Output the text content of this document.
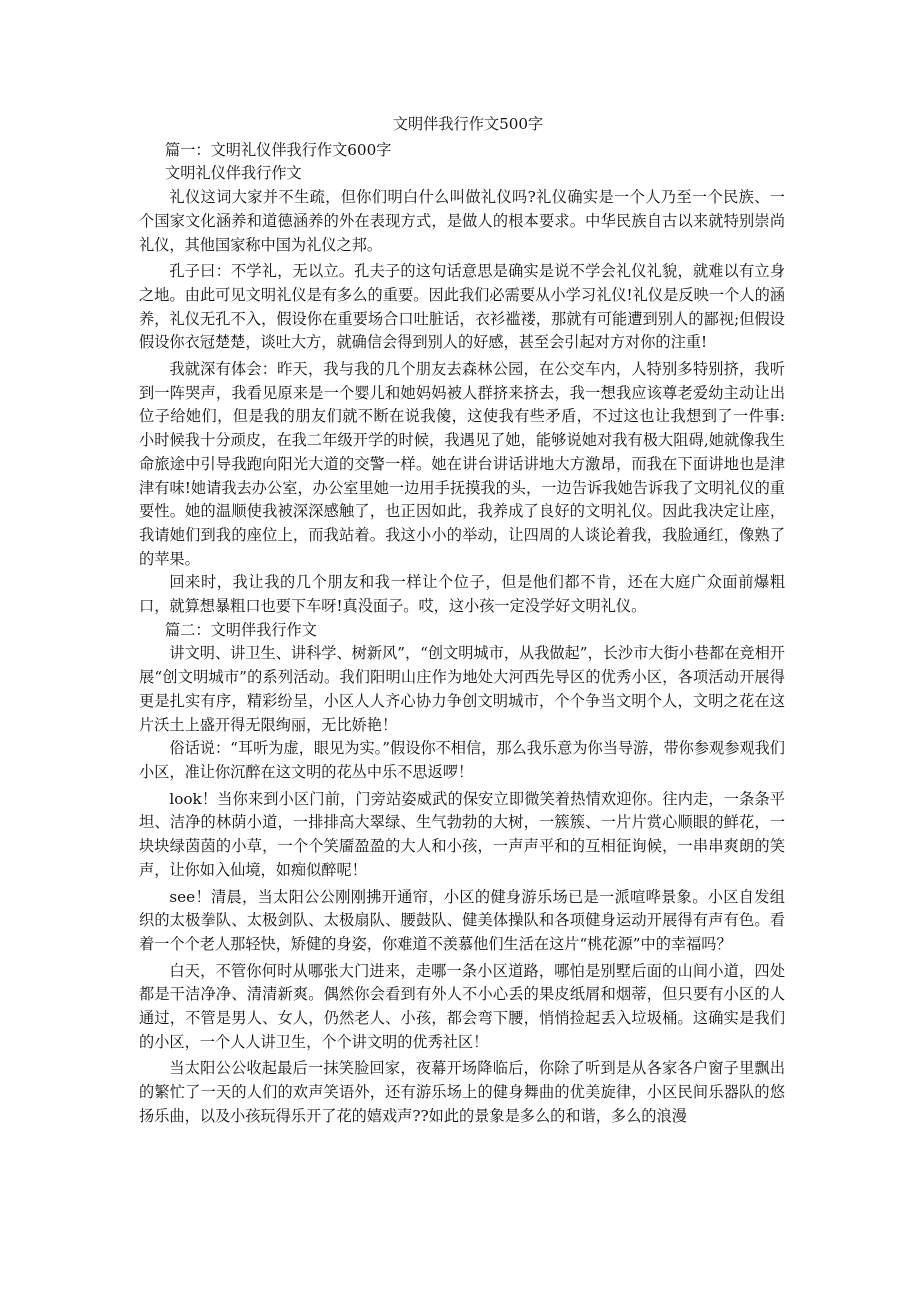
文明伴我行作文500字

篇一：文明礼仪伴我行作文600字

文明礼仪伴我行作文

礼仪这词大家并不生疏，但你们明白什么叫做礼仪吗?礼仪确实是一个人乃至一个民族、一个国家文化涵养和道德涵养的外在表现方式，是做人的根本要求。中华民族自古以来就特别崇尚礼仪，其他国家称中国为礼仪之邦。

孔子曰：不学礼，无以立。孔夫子的这句话意思是确实是说不学会礼仪礼貌，就难以有立身之地。由此可见文明礼仪是有多么的重要。因此我们必需要从小学习礼仪!礼仪是反映一个人的涵养，礼仪无孔不入，假设你在重要场合口吐脏话，衣衫褴褛，那就有可能遭到别人的鄙视;但假设假设你衣冠楚楚，谈吐大方，就确信会得到别人的好感，甚至会引起对方对你的注重!

我就深有体会：昨天，我与我的几个朋友去森林公园，在公交车内，人特别多特别挤，我听到一阵哭声，我看见原来是一个婴儿和她妈妈被人群挤来挤去，我一想我应该尊老爱幼主动让出位子给她们，但是我的朋友们就不断在说我傻，这使我有些矛盾，不过这也让我想到了一件事: 小时候我十分顽皮，在我二年级开学的时候，我遇见了她，能够说她对我有极大阻碍,她就像我生命旅途中引导我跑向阳光大道的交警一样。她在讲台讲话讲地大方激昂，而我在下面讲地也是津津有味!她请我去办公室，办公室里她一边用手抚摸我的头，一边告诉我她告诉我了文明礼仪的重要性。她的温顺使我被深深感触了，也正因如此，我养成了良好的文明礼仪。因此我决定让座，我请她们到我的座位上，而我站着。我这小小的举动，让四周的人谈论着我，我脸通红，像熟了的苹果。

回来时，我让我的几个朋友和我一样让个位子，但是他们都不肯，还在大庭广众面前爆粗口，就算想暴粗口也要下车呀!真没面子。哎，这小孩一定没学好文明礼仪。

篇二：文明伴我行作文

讲文明、讲卫生、讲科学、树新风”，“创文明城市，从我做起”，长沙市大街小巷都在竞相开展“创文明城市”的系列活动。我们阳明山庄作为地处大河西先导区的优秀小区，各项活动开展得更是扎实有序，精彩纷呈，小区人人齐心协力争创文明城市，个个争当文明个人，文明之花在这片沃土上盛开得无限绚丽，无比娇艳！

俗话说：“耳听为虚，眼见为实。”假设你不相信，那么我乐意为你当导游，带你参观参观我们小区，准让你沉醉在这文明的花丛中乐不思返啰！

look！当你来到小区门前，门旁站姿威武的保安立即微笑着热情欢迎你。往内走，一条条平坦、洁净的林荫小道，一排排高大翠绿、生气勃勃的大树，一簇簇、一片片赏心顺眼的鲜花，一块块绿茵茵的小草，一个个笑靥盈盈的大人和小孩，一声声平和的互相征询候，一串串爽朗的笑声，让你如入仙境，如痴似醉呢！

see！清晨，当太阳公公刚刚拂开通帘，小区的健身游乐场已是一派喧哗景象。小区自发组织的太极拳队、太极剑队、太极扇队、腰鼓队、健美体操队和各项健身运动开展得有声有色。看着一个个老人那轻快，矫健的身姿，你难道不羡慕他们生活在这片“桃花源”中的幸福吗？

白天，不管你何时从哪张大门进来，走哪一条小区道路，哪怕是别墅后面的山间小道，四处都是干洁净净、清清新爽。偶然你会看到有外人不小心丢的果皮纸屑和烟蒂，但只要有小区的人通过，不管是男人、女人，仍然老人、小孩，都会弯下腰，悄悄捡起丢入垃圾桶。这确实是我们的小区，一个人人讲卫生，个个讲文明的优秀社区！

当太阳公公收起最后一抹笑脸回家，夜幕开场降临后，你除了听到是从各家各户窗子里飘出的繁忙了一天的人们的欢声笑语外，还有游乐场上的健身舞曲的优美旋律，小区民间乐器队的悠扬乐曲，以及小孩玩得乐开了花的嬉戏声??如此的景象是多么的和谐，多么的浪漫
